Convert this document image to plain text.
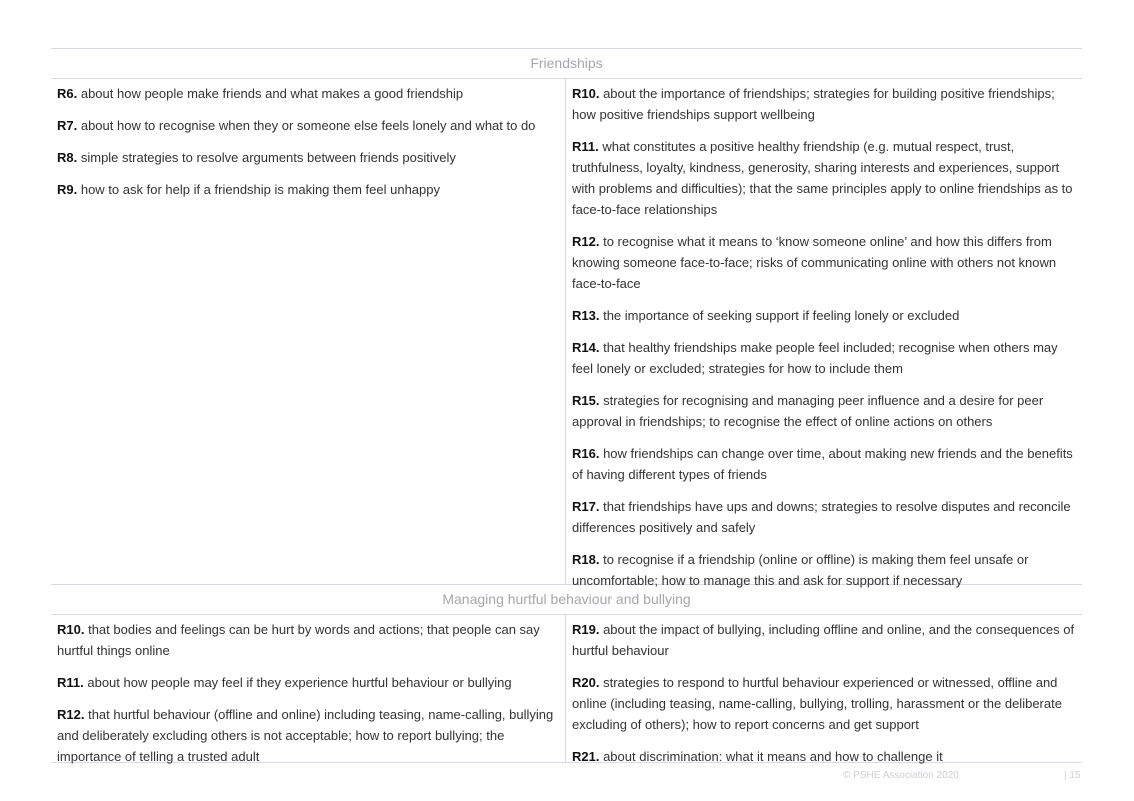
Friendships

R6. about how people make friends and what makes a good friendship

R7. about how to recognise when they or someone else feels lonely and what to do

R8. simple strategies to resolve arguments between friends positively

R9. how to ask for help if a friendship is making them feel unhappy

R10. about the importance of friendships; strategies for building positive friendships; how positive friendships support wellbeing

R11. what constitutes a positive healthy friendship (e.g. mutual respect, trust, truthfulness, loyalty, kindness, generosity, sharing interests and experiences, support with problems and difficulties); that the same principles apply to online friendships as to face-to-face relationships

R12. to recognise what it means to ‘know someone online’ and how this differs from knowing someone face-to-face; risks of communicating online with others not known face-to-face

R13. the importance of seeking support if feeling lonely or excluded

R14. that healthy friendships make people feel included; recognise when others may feel lonely or excluded; strategies for how to include them

R15. strategies for recognising and managing peer influence and a desire for peer approval in friendships; to recognise the effect of online actions on others

R16. how friendships can change over time, about making new friends and the benefits of having different types of friends

R17. that friendships have ups and downs; strategies to resolve disputes and reconcile differences positively and safely

R18. to recognise if a friendship (online or offline) is making them feel unsafe or uncomfortable; how to manage this and ask for support if necessary

Managing hurtful behaviour and bullying

R10. that bodies and feelings can be hurt by words and actions; that people can say hurtful things online

R11. about how people may feel if they experience hurtful behaviour or bullying

R12. that hurtful behaviour (offline and online) including teasing, name-calling, bullying and deliberately excluding others is not acceptable; how to report bullying; the importance of telling a trusted adult

R19. about the impact of bullying, including offline and online, and the consequences of hurtful behaviour

R20. strategies to respond to hurtful behaviour experienced or witnessed, offline and online (including teasing, name-calling, bullying, trolling, harassment or the deliberate excluding of others); how to report concerns and get support

R21. about discrimination: what it means and how to challenge it

© PSHE Association 2020	| 15
